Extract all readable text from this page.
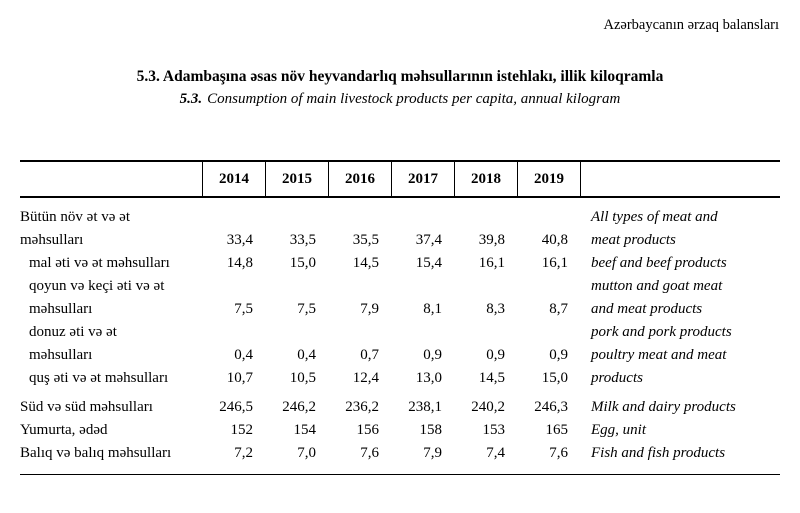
Azərbaycanın ərzaq balansları
5.3. Adambaşına əsas növ heyvandarlıq məhsullarının istehlakı, illik kiloqramla
5.3. Consumption of main livestock products per capita, annual kilogram
2014	2015	2016	2017	2018	2019
Bütün növ ət və ət	All types of meat and
məhsulları	33,4	33,5	35,5	37,4	39,8	40,8	meat products
mal əti və ət məhsulları	14,8	15,0	14,5	15,4	16,1	16,1	beef and beef products
qoyun və keçi əti və ət	mutton and goat meat
məhsulları	7,5	7,5	7,9	8,1	8,3	8,7	and meat products
donuz əti və ət	pork and pork products
məhsulları	0,4	0,4	0,7	0,9	0,9	0,9	poultry meat and meat
quş əti və ət məhsulları	10,7	10,5	12,4	13,0	14,5	15,0	products
Süd və süd məhsulları	246,5	246,2	236,2	238,1	240,2	246,3	Milk and dairy products
Yumurta, ədəd	152	154	156	158	153	165	Egg, unit
Balıq və balıq məhsulları	7,2	7,0	7,6	7,9	7,4	7,6	Fish and fish products
